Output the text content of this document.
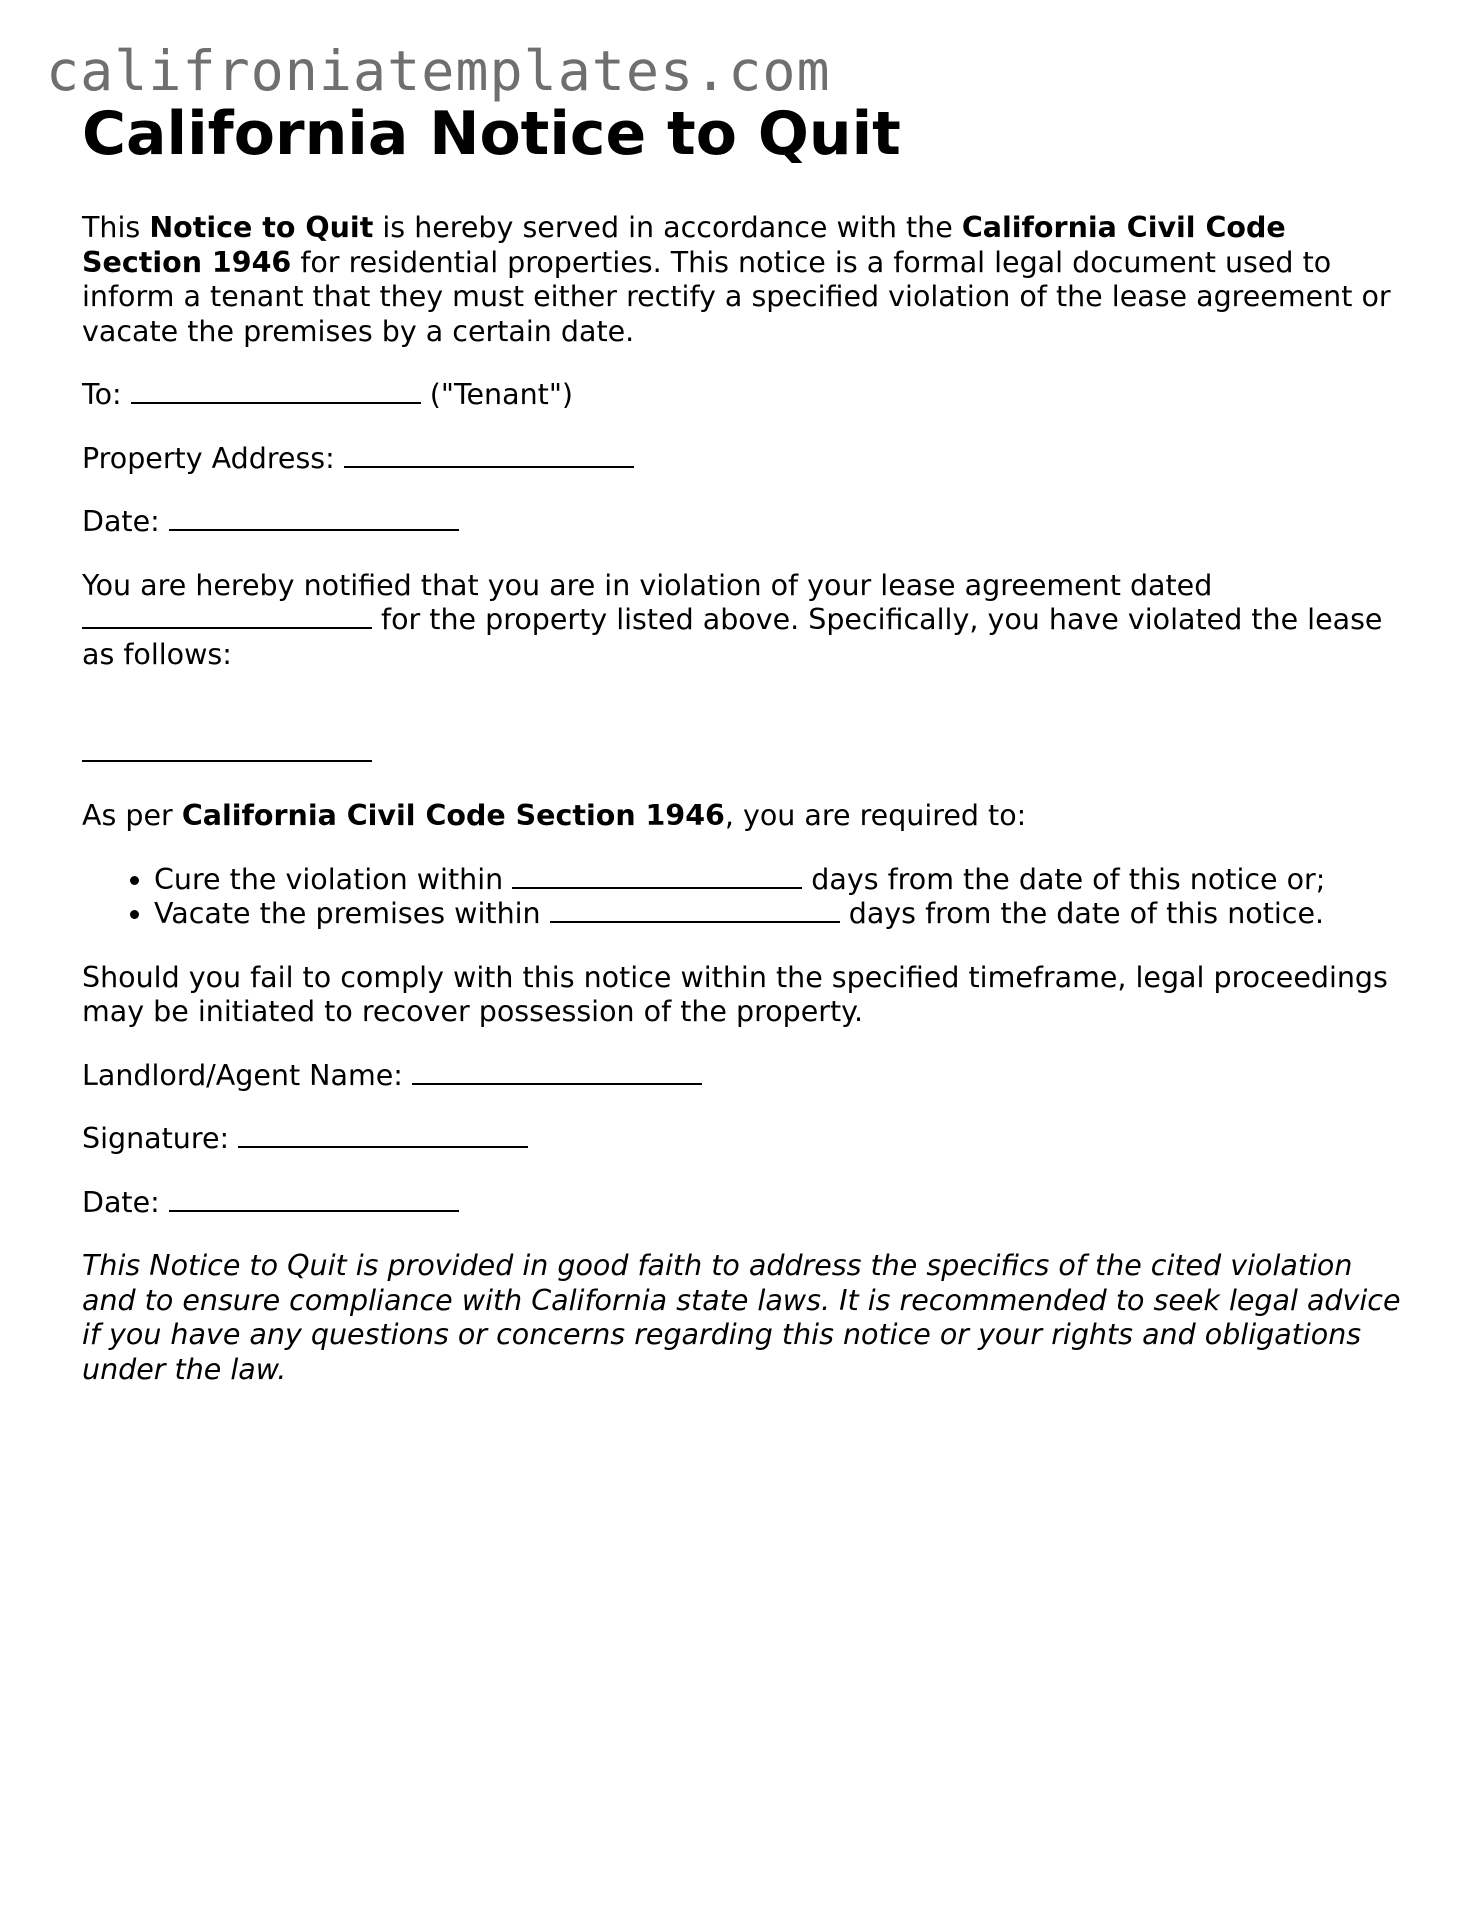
califroniatemplates.com
California Notice to Quit

This Notice to Quit is hereby served in accordance with the California Civil Code Section 1946 for residential properties. This notice is a formal legal document used to inform a tenant that they must either rectify a specified violation of the lease agreement or vacate the premises by a certain date.

To:	("Tenant")

Property Address:

Date:

You are hereby notified that you are in violation of your lease agreement dated  for the property listed above. Specifically, you have violated the lease as follows:

As per California Civil Code Section 1946, you are required to:

• Cure the violation within	days from the date of this notice or;
• Vacate the premises within	days from the date of this notice.

Should you fail to comply with this notice within the specified timeframe, legal proceedings may be initiated to recover possession of the property.

Landlord/Agent Name:

Signature:

Date:

This Notice to Quit is provided in good faith to address the specifics of the cited violation and to ensure compliance with California state laws. It is recommended to seek legal advice if you have any questions or concerns regarding this notice or your rights and obligations under the law.
